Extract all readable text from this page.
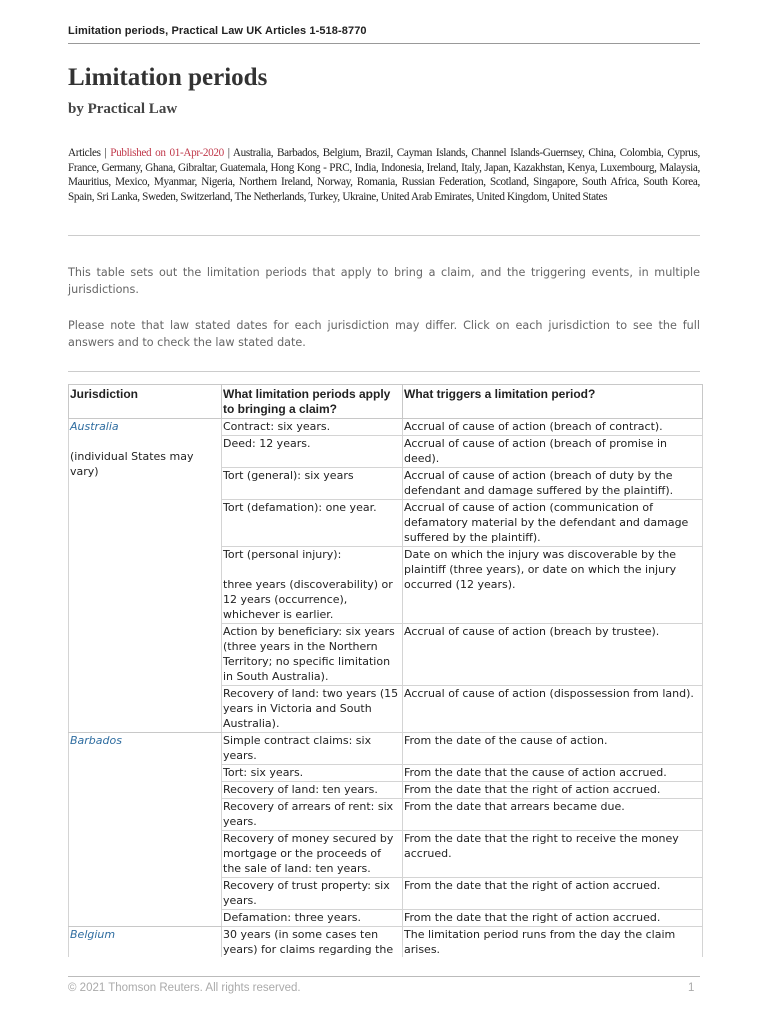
Limitation periods, Practical Law UK Articles 1-518-8770
Limitation periods
by Practical Law
Articles | Published on 01-Apr-2020 | Australia, Barbados, Belgium, Brazil, Cayman Islands, Channel Islands-Guernsey, China, Colombia, Cyprus, France, Germany, Ghana, Gibraltar, Guatemala, Hong Kong - PRC, India, Indonesia, Ireland, Italy, Japan, Kazakhstan, Kenya, Luxembourg, Malaysia, Mauritius, Mexico, Myanmar, Nigeria, Northern Ireland, Norway, Romania, Russian Federation, Scotland, Singapore, South Africa, South Korea, Spain, Sri Lanka, Sweden, Switzerland, The Netherlands, Turkey, Ukraine, United Arab Emirates, United Kingdom, United States

This table sets out the limitation periods that apply to bring a claim, and the triggering events, in multiple jurisdictions.

Please note that law stated dates for each jurisdiction may differ. Click on each jurisdiction to see the full answers and to check the law stated date.

Jurisdiction	What limitation periods apply to bringing a claim?	What triggers a limitation period?

Australia
(individual States may vary)	Contract: six years.	Accrual of cause of action (breach of contract).
	Deed: 12 years.	Accrual of cause of action (breach of promise in deed).
	Tort (general): six years	Accrual of cause of action (breach of duty by the defendant and damage suffered by the plaintiff).
	Tort (defamation): one year.	Accrual of cause of action (communication of defamatory material by the defendant and damage suffered by the plaintiff).

	Tort (personal injury):
three years (discoverability) or 12 years (occurrence), whichever is earlier.	Date on which the injury was discoverable by the plaintiff (three years), or date on which the injury occurred (12 years).
	Action by beneficiary: six years (three years in the Northern Territory; no specific limitation in South Australia).	Accrual of cause of action (breach by trustee).
	Recovery of land: two years (15 years in Victoria and South Australia).	Accrual of cause of action (dispossession from land).

Barbados	Simple contract claims: six years.	From the date of the cause of action.
	Tort: six years.	From the date that the cause of action accrued.
	Recovery of land: ten years.	From the date that the right of action accrued.
	Recovery of arrears of rent: six years.	From the date that arrears became due.
	Recovery of money secured by mortgage or the proceeds of the sale of land: ten years.	From the date that the right to receive the money accrued.
	Recovery of trust property: six years.	From the date that the right of action accrued.
	Defamation: three years.	From the date that the right of action accrued.

Belgium	30 years (in some cases ten years) for claims regarding the	The limitation period runs from the day the claim arises.
© 2021 Thomson Reuters. All rights reserved.	1
